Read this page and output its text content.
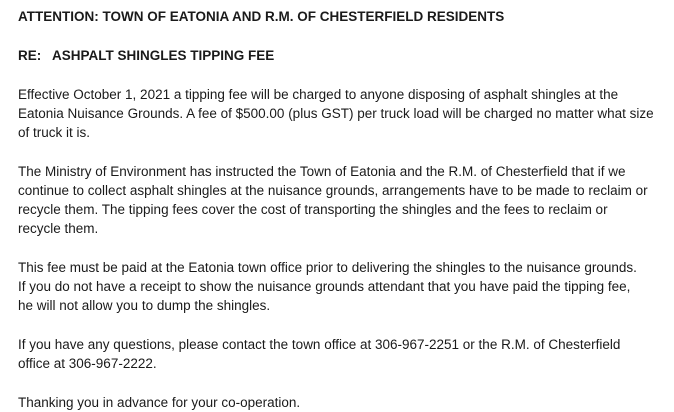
ATTENTION: TOWN OF EATONIA AND R.M. OF CHESTERFIELD RESIDENTS

RE: ASHPALT SHINGLES TIPPING FEE

Effective October 1, 2021 a tipping fee will be charged to anyone disposing of asphalt shingles at the
Eatonia Nuisance Grounds. A fee of $500.00 (plus GST) per truck load will be charged no matter what size
of truck it is.

The Ministry of Environment has instructed the Town of Eatonia and the R.M. of Chesterfield that if we
continue to collect asphalt shingles at the nuisance grounds, arrangements have to be made to reclaim or
recycle them. The tipping fees cover the cost of transporting the shingles and the fees to reclaim or
recycle them.

This fee must be paid at the Eatonia town office prior to delivering the shingles to the nuisance grounds.
If you do not have a receipt to show the nuisance grounds attendant that you have paid the tipping fee,
he will not allow you to dump the shingles.

If you have any questions, please contact the town office at 306-967-2251 or the R.M. of Chesterfield
office at 306-967-2222.

Thanking you in advance for your co-operation.
